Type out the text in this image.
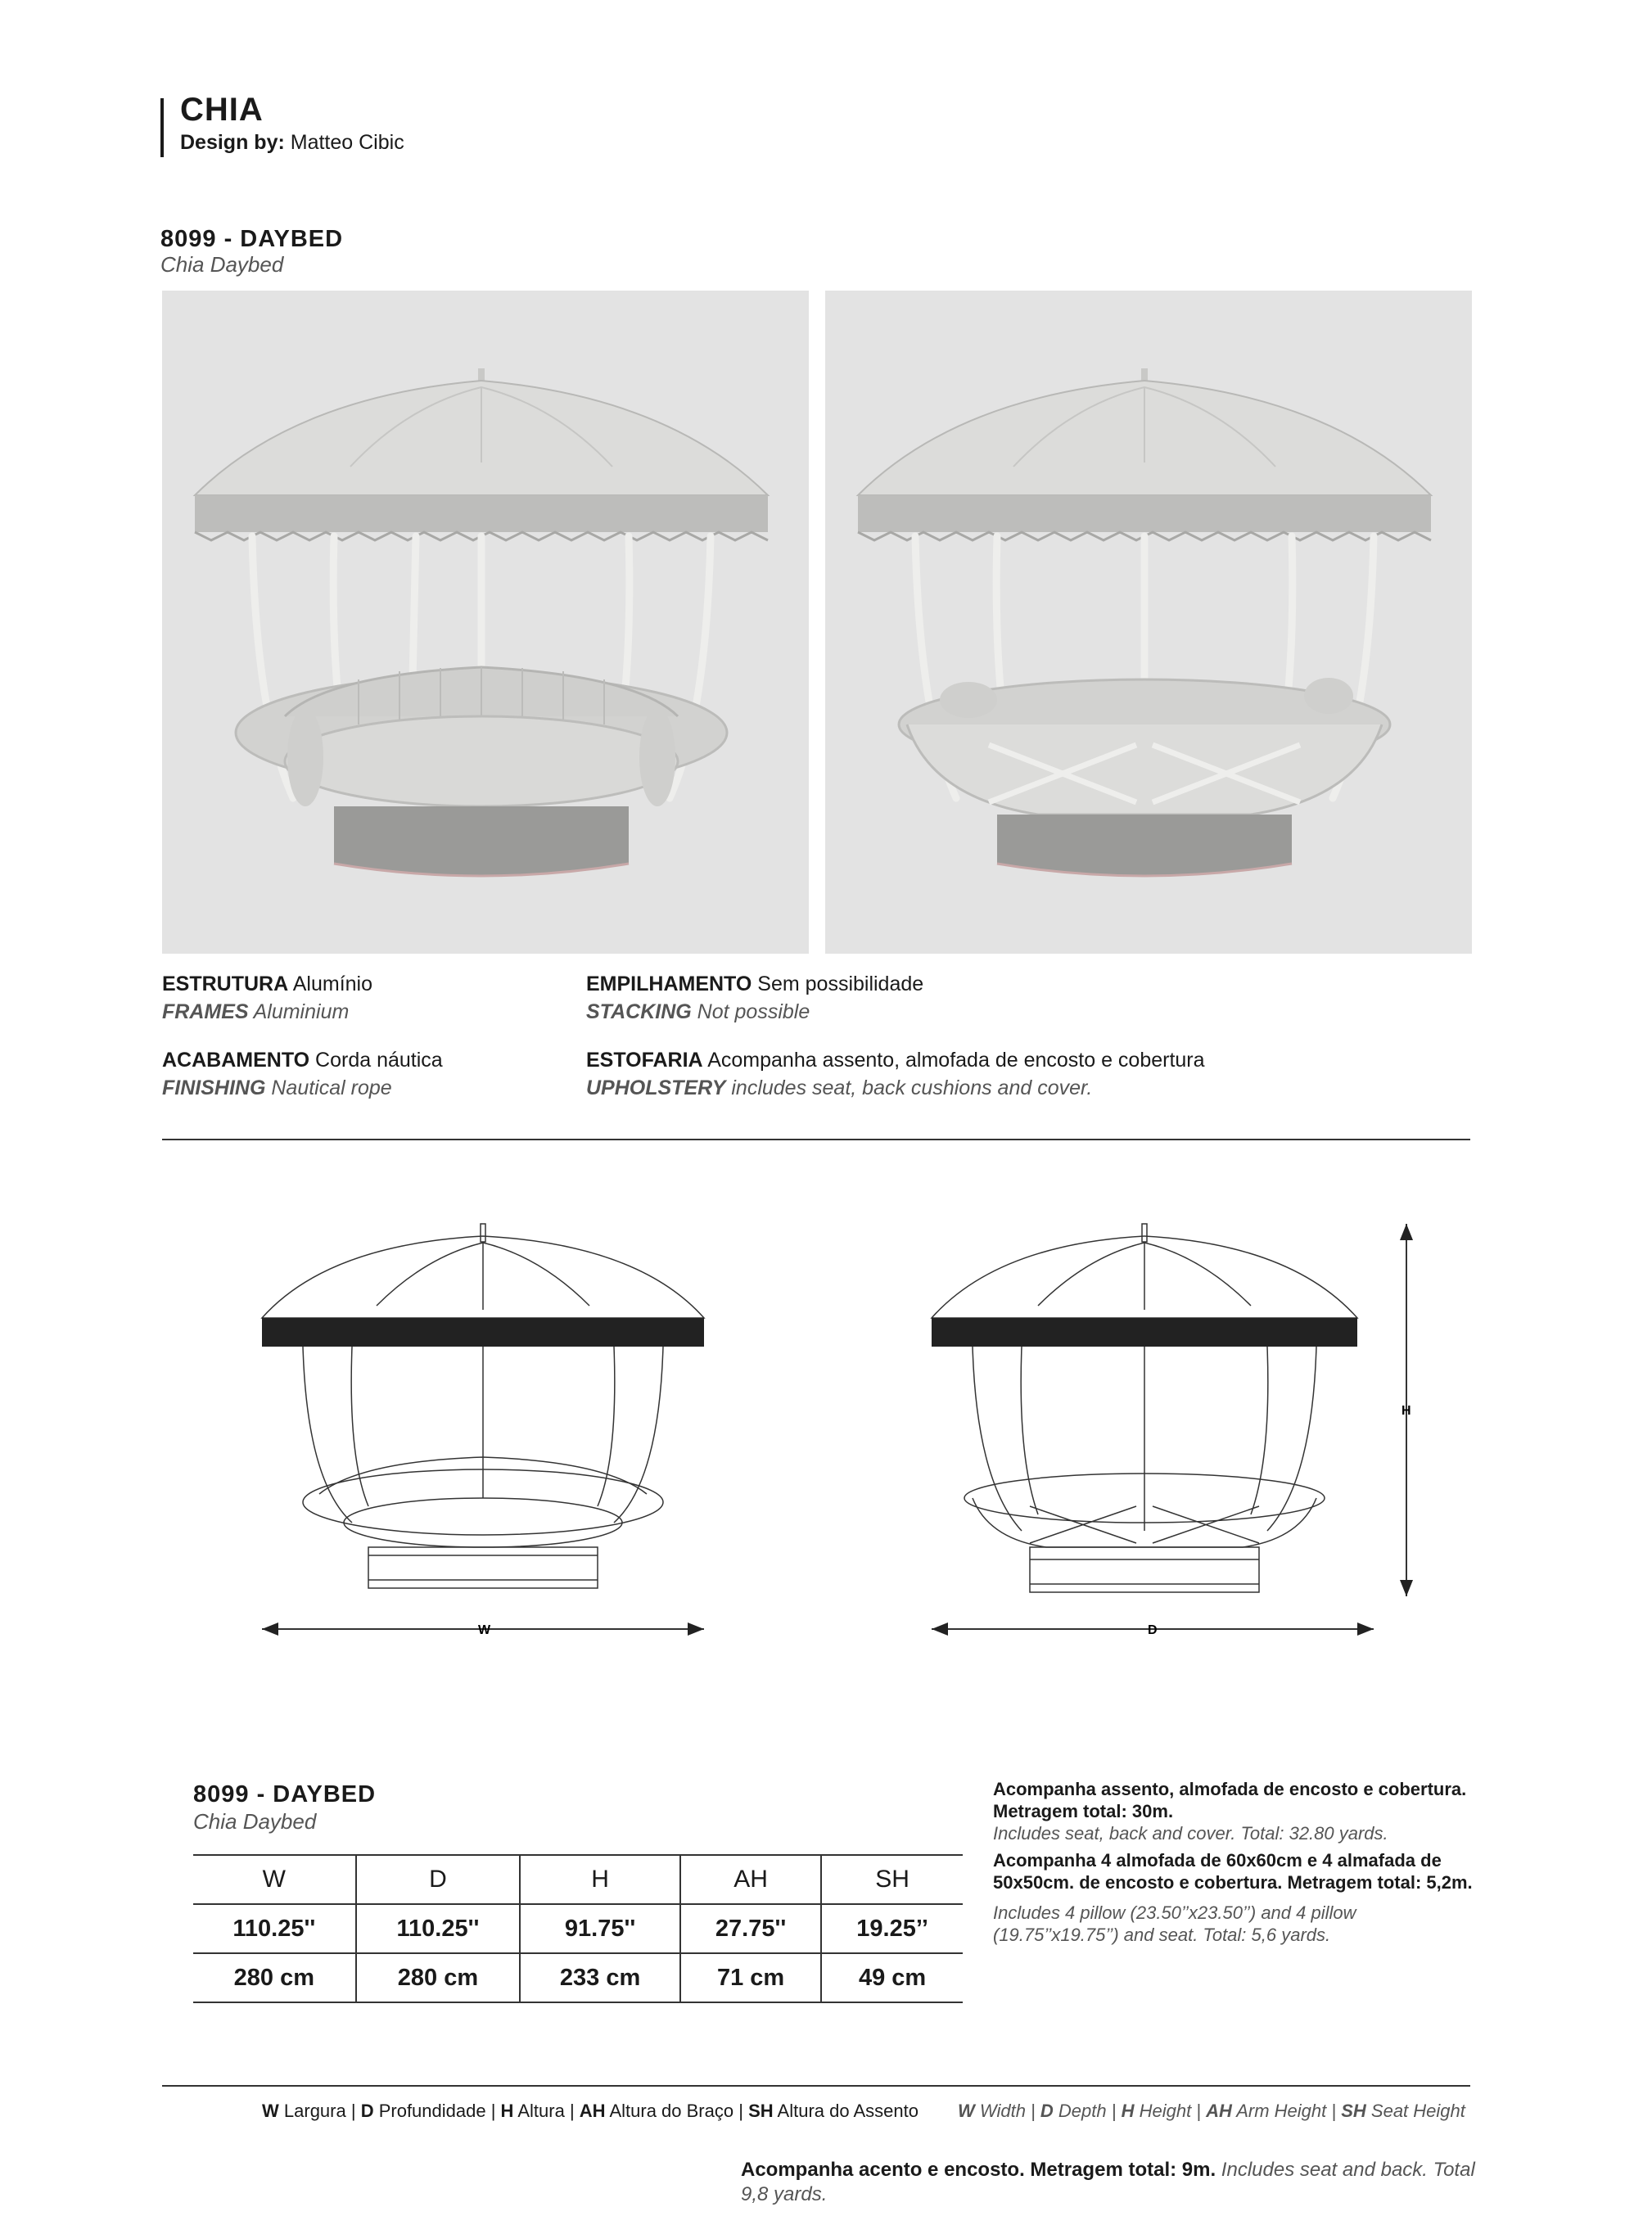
CHIA
Design by: Matteo Cibic
8099 - DAYBED
Chia Daybed
ESTRUTURA Alumínio
FRAMES Aluminium
EMPILHAMENTO Sem possibilidade
STACKING Not possible
ACABAMENTO Corda náutica
FINISHING Nautical rope
ESTOFARIA Acompanha assento, almofada de encosto e cobertura
UPHOLSTERY includes seat, back cushions and cover.
W	D
H
8099 - DAYBED
Chia Daybed
W	D	H	AH	SH
110.25''	110.25''	91.75''	27.75''	19.25’’
280 cm	280 cm	233 cm	71 cm	49 cm
Acompanha assento, almofada de encosto e cobertura. Metragem total: 30m.
Includes seat, back and cover. Total: 32.80 yards.
Acompanha 4 almofada de 60x60cm e 4 almafada de 50x50cm. de encosto e cobertura. Metragem total: 5,2m.
Includes 4 pillow (23.50’’x23.50’’) and 4 pillow (19.75’’x19.75’’) and seat. Total: 5,6 yards.
W Largura | D Profundidade | H Altura | AH Altura do Braço | SH Altura do Assento W Width | D Depth | H Height | AH Arm Height | SH Seat Height
Acompanha acento e encosto. Metragem total: 9m. Includes seat and back. Total 9,8 yards.
